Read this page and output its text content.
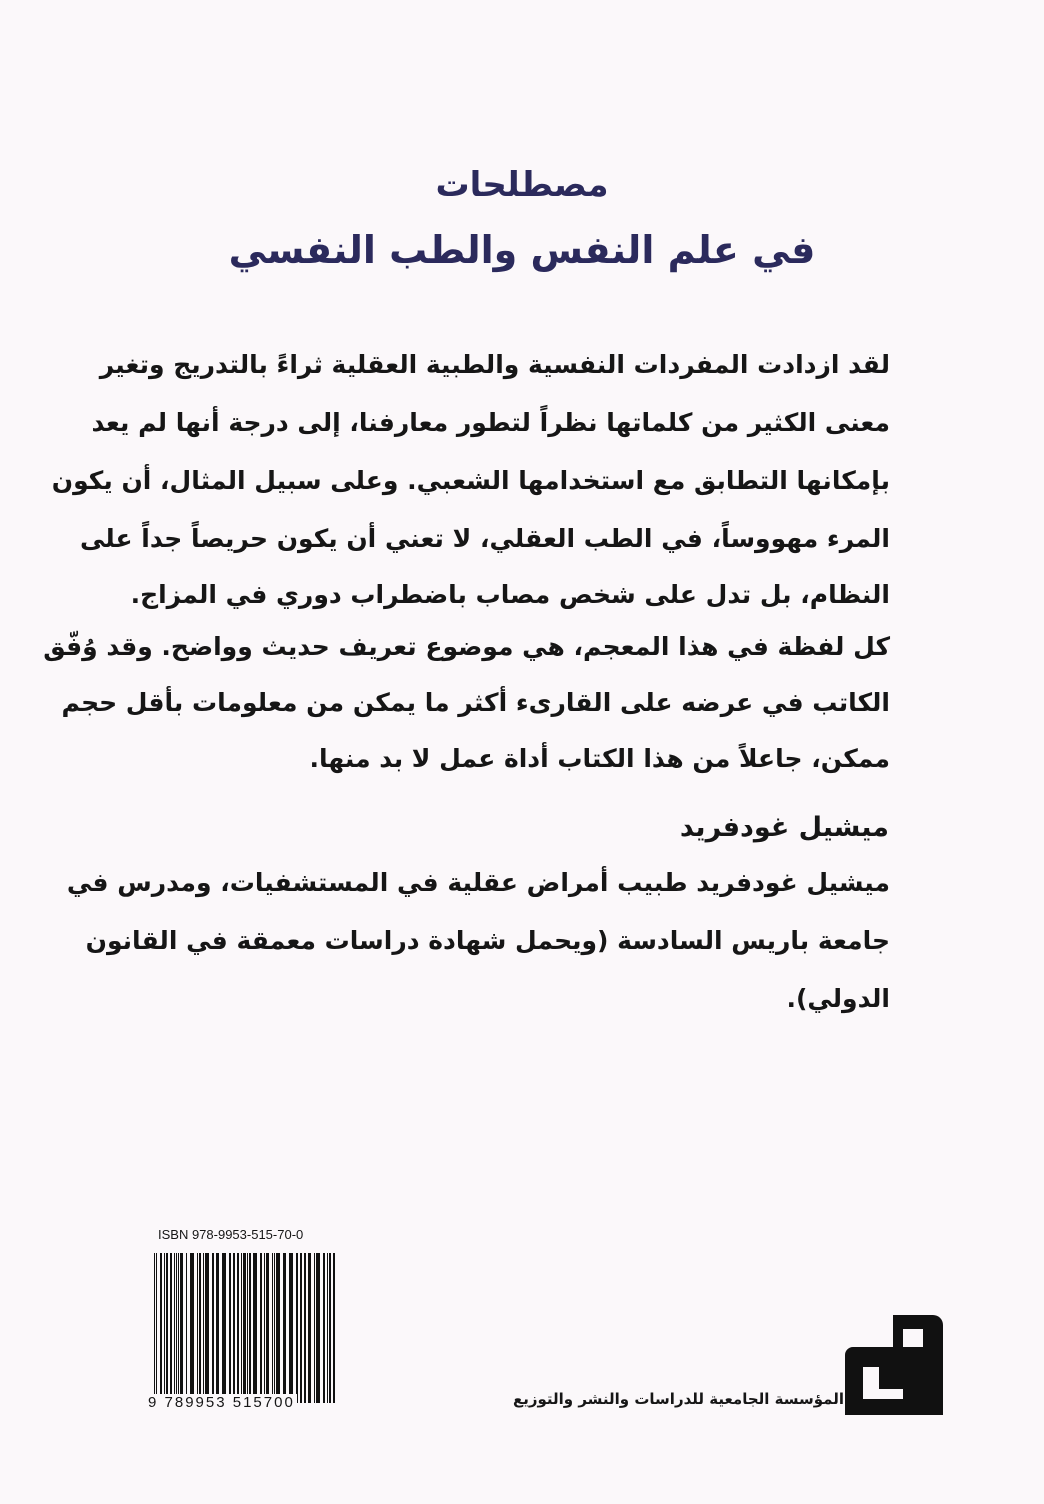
مصطلحات
في علم النفس والطب النفسي
لقد ازدادت المفردات النفسية والطبية العقلية ثراءً بالتدريج وتغير
معنى الكثير من كلماتها نظراً لتطور معارفنا، إلى درجة أنها لم يعد
بإمكانها التطابق مع استخدامها الشعبي. وعلى سبيل المثال، أن يكون
المرء مهووساً، في الطب العقلي، لا تعني أن يكون حريصاً جداً على
النظام، بل تدل على شخص مصاب باضطراب دوري في المزاج.
كل لفظة في هذا المعجم، هي موضوع تعريف حديث وواضح. وقد وُفّق
الكاتب في عرضه على القارىء أكثر ما يمكن من معلومات بأقل حجم
ممكن، جاعلاً من هذا الكتاب أداة عمل لا بد منها.
ميشيل غودفريد
ميشيل غودفريد طبيب أمراض عقلية في المستشفيات، ومدرس في
جامعة باريس السادسة (ويحمل شهادة دراسات معمقة في القانون
الدولي).
ISBN 978-9953-515-70-0
9 789953 515700	المؤسسة الجامعية للدراسات والنشر والتوزيع
